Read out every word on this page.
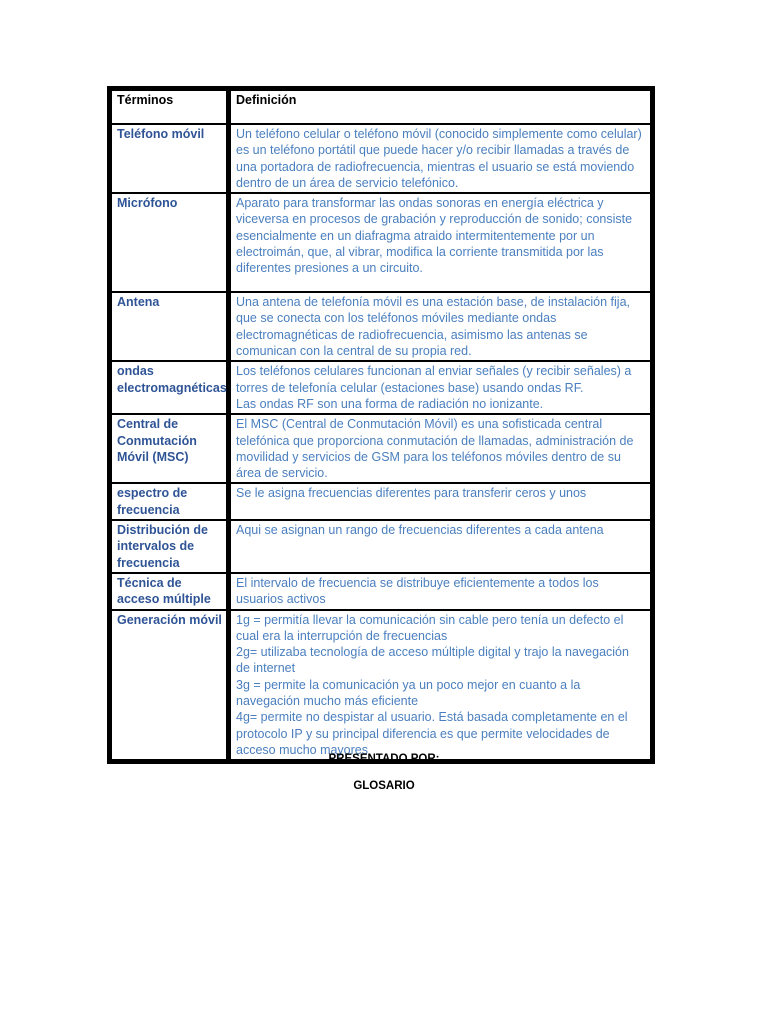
Términos	Definición

Teléfono móvil	Un teléfono celular o teléfono móvil (conocido simplemente como celular) es un teléfono portátil que puede hacer y/o recibir llamadas a través de una portadora de radiofrecuencia, mientras el usuario se está moviendo dentro de un área de servicio telefónico.

Micrófono	Aparato para transformar las ondas sonoras en energía eléctrica y viceversa en procesos de grabación y reproducción de sonido; consiste esencialmente en un diafragma atraido intermitentemente por un electroimán, que, al vibrar, modifica la corriente transmitida por las diferentes presiones a un circuito.

Antena	Una antena de telefonía móvil es una estación base, de instalación fija, que se conecta con los teléfonos móviles mediante ondas electromagnéticas de radiofrecuencia, asimismo las antenas se comunican con la central de su propia red.

ondas electromagnéticas	Los teléfonos celulares funcionan al enviar señales (y recibir señales) a torres de telefonía celular (estaciones base) usando ondas RF.
Las ondas RF son una forma de radiación no ionizante.

Central de Conmutación Móvil (MSC)	El MSC (Central de Conmutación Móvil) es una sofisticada central telefónica que proporciona conmutación de llamadas, administración de movilidad y servicios de GSM para los teléfonos móviles dentro de su área de servicio.

espectro de frecuencia	Se le asigna frecuencias diferentes para transferir ceros y unos

Distribución de intervalos de frecuencia	Aqui se asignan un rango de frecuencias diferentes a cada antena

Técnica de acceso múltiple	El intervalo de frecuencia se distribuye eficientemente a todos los usuarios activos

Generación móvil	1g = permitía llevar la comunicación sin cable pero tenía un defecto el cual era la interrupción de frecuencias
2g= utilizaba tecnología de acceso múltiple digital y trajo la navegación de internet
3g = permite la comunicación ya un poco mejor en cuanto a la navegación mucho más eficiente
4g= permite no despistar al usuario. Está basada completamente en el protocolo IP y su principal diferencia es que permite velocidades de acceso mucho mayores
PRESENTADO POR:
GLOSARIO
